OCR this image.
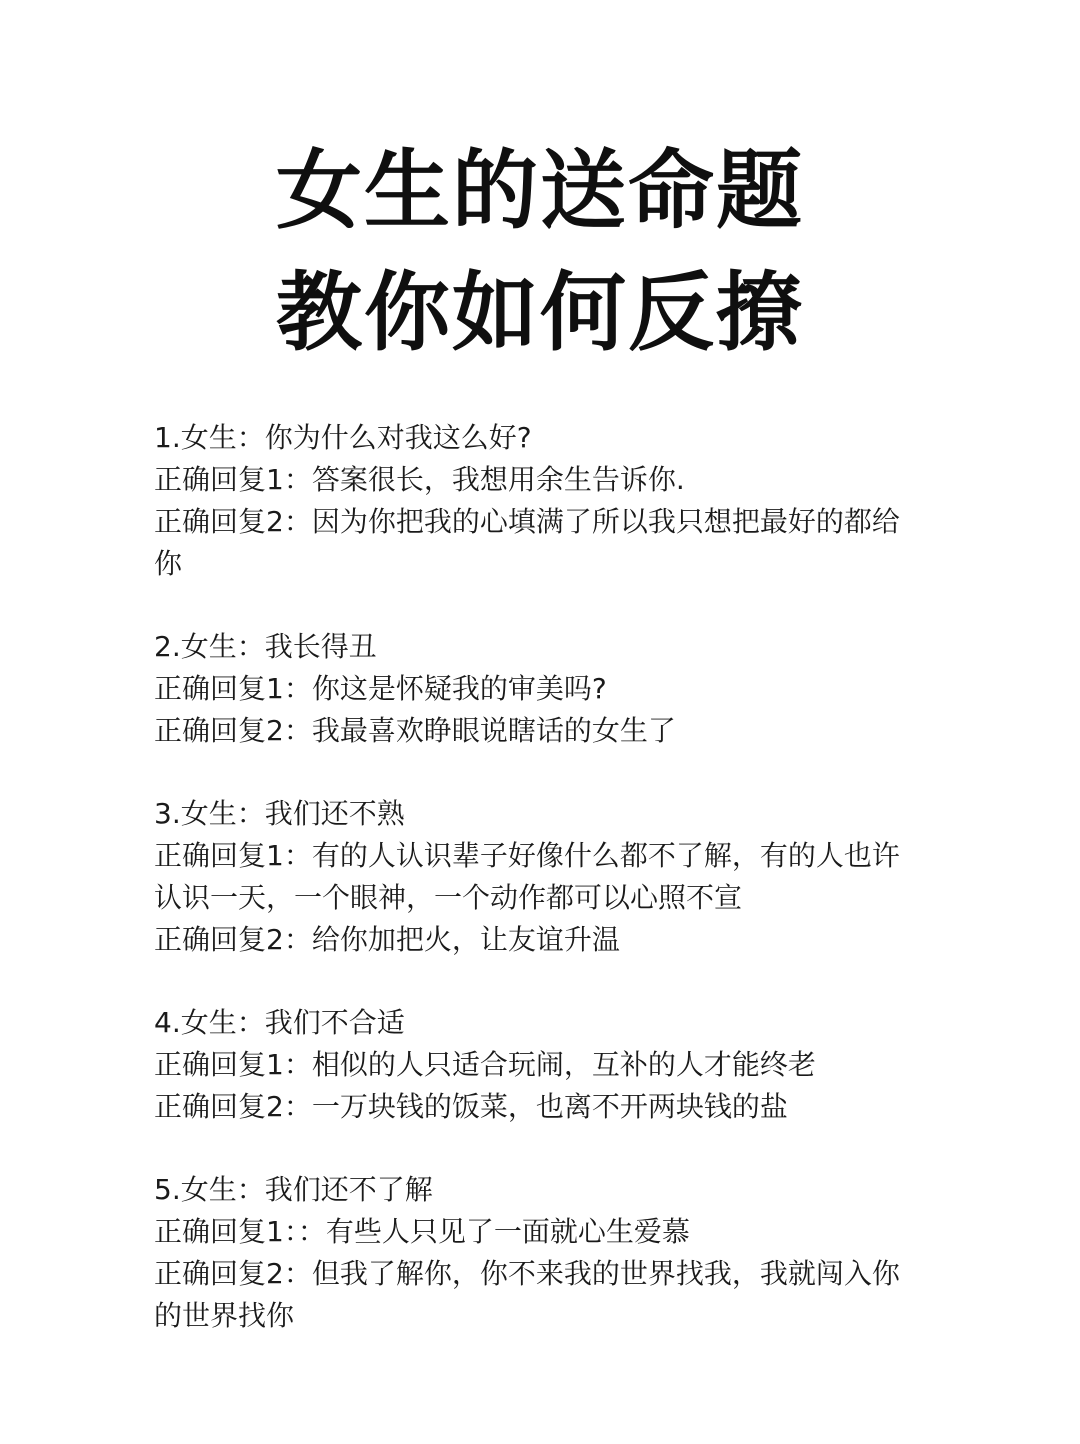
女生的送命题
教你如何反撩
1.女生：你为什么对我这么好?
正确回复1：答案很长，我想用余生告诉你.
正确回复2：因为你把我的心填满了所以我只想把最好的都给你
2.女生：我长得丑
正确回复1：你这是怀疑我的审美吗?
正确回复2：我最喜欢睁眼说瞎话的女生了
3.女生：我们还不熟
正确回复1：有的人认识辈子好像什么都不了解，有的人也许认识一天，一个眼神，一个动作都可以心照不宣
正确回复2：给你加把火，让友谊升温
4.女生：我们不合适
正确回复1：相似的人只适合玩闹，互补的人才能终老
正确回复2：一万块钱的饭菜，也离不开两块钱的盐
5.女生：我们还不了解
正确回复1：：有些人只见了一面就心生爱慕
正确回复2：但我了解你，你不来我的世界找我，我就闯入你的世界找你
